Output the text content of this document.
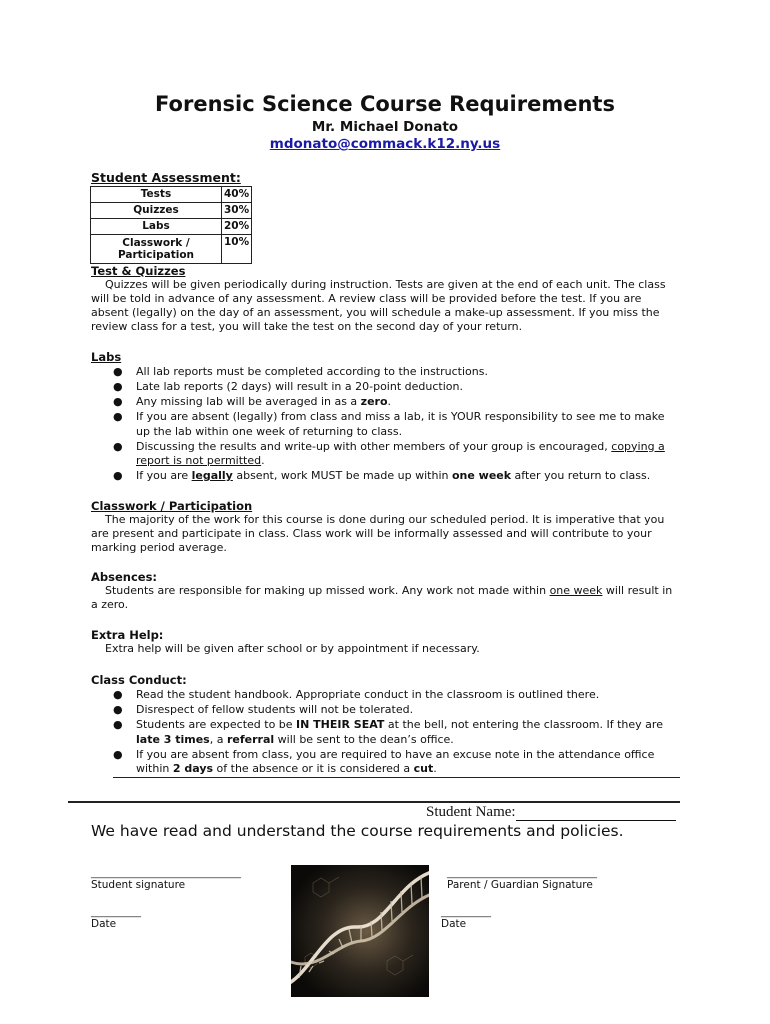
Forensic Science Course Requirements
Mr. Michael Donato
mdonato@commack.k12.ny.us
Student Assessment:
Tests	40%
Quizzes	30%
Labs	20%
Classwork / Participation	10%
Test & Quizzes
Quizzes will be given periodically during instruction. Tests are given at the end of each unit. The class will be told in advance of any assessment. A review class will be provided before the test. If you are absent (legally) on the day of an assessment, you will schedule a make-up assessment. If you miss the review class for a test, you will take the test on the second day of your return.
Labs
● All lab reports must be completed according to the instructions.
● Late lab reports (2 days) will result in a 20-point deduction.
● Any missing lab will be averaged in as a zero.
● If you are absent (legally) from class and miss a lab, it is YOUR responsibility to see me to make up the lab within one week of returning to class.
● Discussing the results and write-up with other members of your group is encouraged, copying a report is not permitted.
● If you are legally absent, work MUST be made up within one week after you return to class.
Classwork / Participation
The majority of the work for this course is done during our scheduled period. It is imperative that you are present and participate in class. Class work will be informally assessed and will contribute to your marking period average.
Absences:
Students are responsible for making up missed work. Any work not made within one week will result in a zero.
Extra Help:
Extra help will be given after school or by appointment if necessary.
Class Conduct:
● Read the student handbook. Appropriate conduct in the classroom is outlined there.
● Disrespect of fellow students will not be tolerated.
● Students are expected to be IN THEIR SEAT at the bell, not entering the classroom. If they are late 3 times, a referral will be sent to the dean’s office.
● If you are absent from class, you are required to have an excuse note in the attendance office within 2 days of the absence or it is considered a cut.
Student Name:
We have read and understand the course requirements and policies.
______________________________
Student signature
__________
Date
______________________________
Parent / Guardian Signature
__________
Date
